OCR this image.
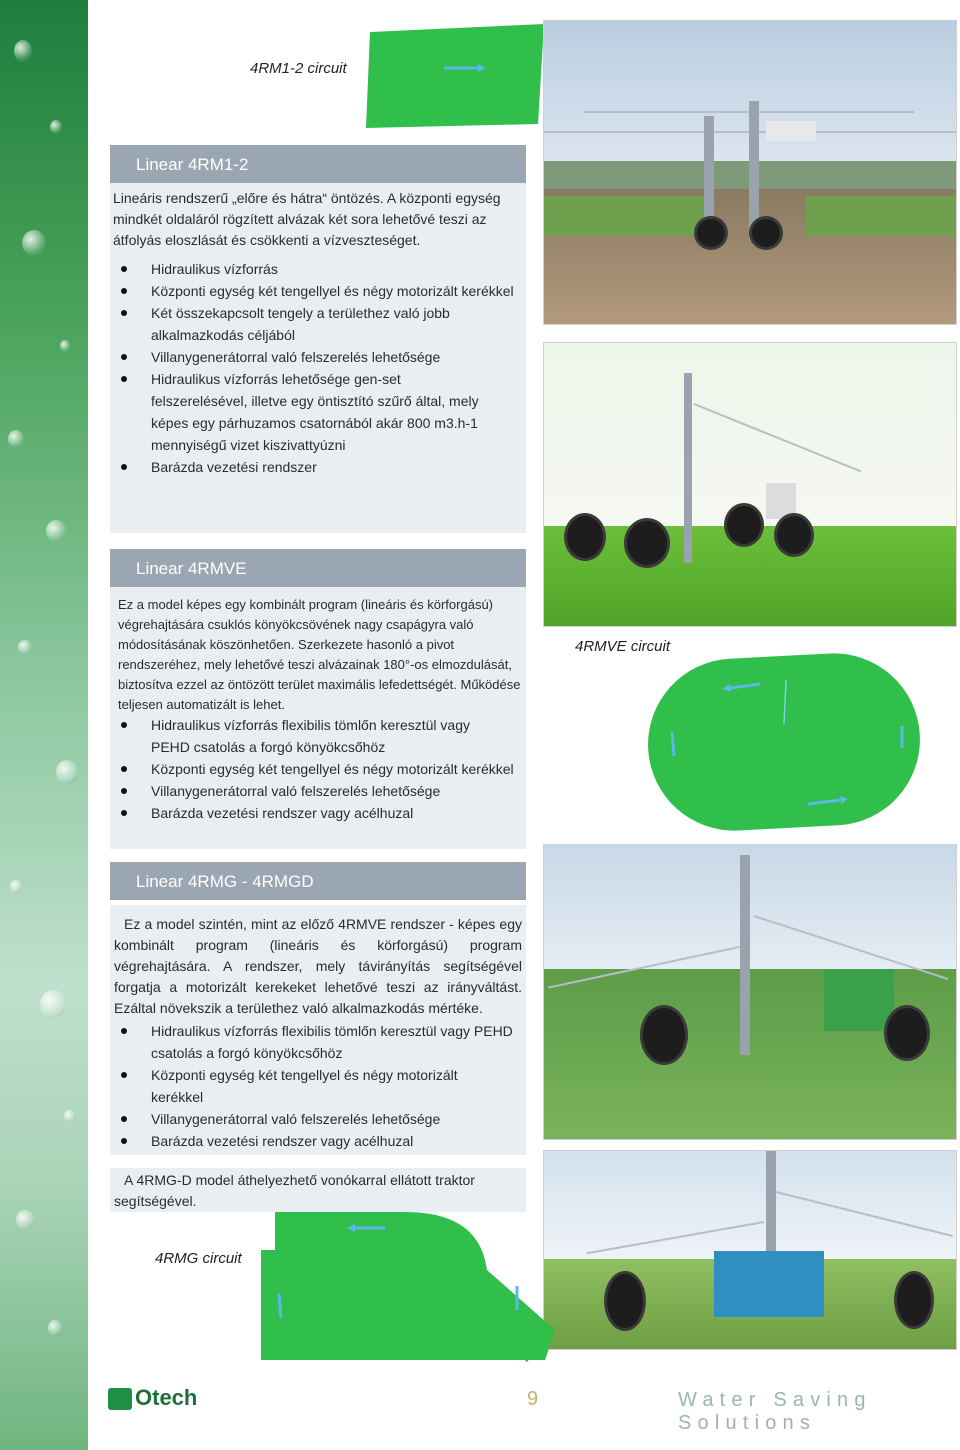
4RM1-2 circuit
Linear 4RM1-2
Lineáris rendszerű „előre és hátra“ öntözés. A központi egység mindkét oldaláról rögzített alvázak két sora lehetővé teszi az átfolyás eloszlását és csökkenti a vízveszteséget.
Hidraulikus vízforrás
Központi egység két tengellyel és négy motorizált kerékkel
Két összekapcsolt tengely a területhez való jobb alkalmazkodás céljából
Villanygenerátorral való felszerelés lehetősége
Hidraulikus vízforrás lehetősége gen-set felszerelésével, illetve egy öntisztító szűrő által, mely képes egy párhuzamos csatornából akár 800 m3.h-1 mennyiségű vizet kiszivattyúzni
Barázda vezetési rendszer
Linear 4RMVE
Ez a model képes egy kombinált program (lineáris és körforgású) végrehajtására csuklós könyökcsövének nagy csapágyra való módosításának köszönhetően. Szerkezete hasonló a pivot rendszeréhez, mely lehetővé teszi alvázainak 180°-os elmozdulását, biztosítva ezzel az öntözött terület maximális lefedettségét. Működése teljesen automatizált is lehet.
Hidraulikus vízforrás flexibilis tömlőn keresztül vagy PEHD csatolás a forgó könyökcsőhöz
Központi egység két tengellyel és négy motorizált kerékkel
Villanygenerátorral való felszerelés lehetősége
Barázda vezetési rendszer vagy acélhuzal
4RMVE circuit
Linear 4RMG - 4RMGD
Ez a model szintén, mint az előző 4RMVE rendszer - képes egy kombinált program (lineáris és körforgású) program végrehajtására. A rendszer, mely távirányítás segítségével forgatja a motorizált kerekeket lehetővé teszi az irányváltást. Ezáltal növekszik a területhez való alkalmazkodás mértéke.
Hidraulikus vízforrás flexibilis tömlőn keresztül vagy PEHD csatolás a forgó könyökcsőhöz
Központi egység két tengellyel és négy motorizált kerékkel
Villanygenerátorral való felszerelés lehetősége
Barázda vezetési rendszer vagy acélhuzal
A 4RMG-D model áthelyezhető vonókarral ellátott traktor segítségével.
4RMG circuit
Otech	9	Water Saving Solutions
